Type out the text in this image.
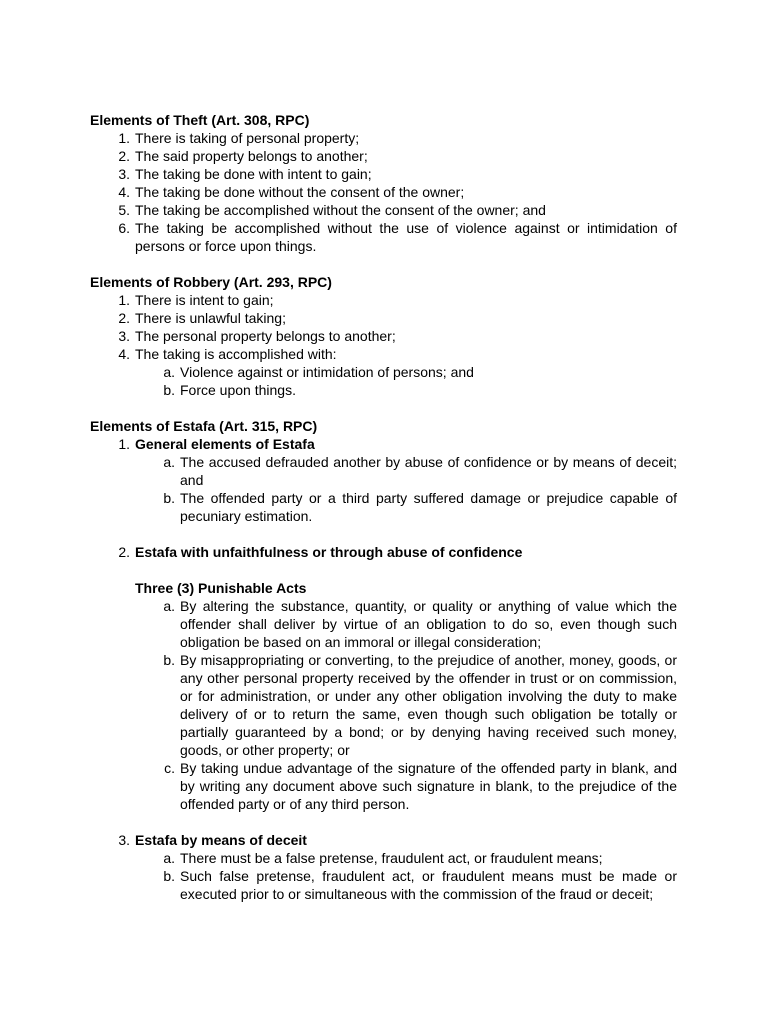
Elements of Theft (Art. 308, RPC)
1. There is taking of personal property;
2. The said property belongs to another;
3. The taking be done with intent to gain;
4. The taking be done without the consent of the owner;
5. The taking be accomplished without the consent of the owner; and
6. The taking be accomplished without the use of violence against or intimidation of persons or force upon things.
Elements of Robbery (Art. 293, RPC)
1. There is intent to gain;
2. There is unlawful taking;
3. The personal property belongs to another;
4. The taking is accomplished with:
a. Violence against or intimidation of persons; and
b. Force upon things.
Elements of Estafa (Art. 315, RPC)
1. General elements of Estafa
a. The accused defrauded another by abuse of confidence or by means of deceit; and
b. The offended party or a third party suffered damage or prejudice capable of pecuniary estimation.
2. Estafa with unfaithfulness or through abuse of confidence
Three (3) Punishable Acts
a. By altering the substance, quantity, or quality or anything of value which the offender shall deliver by virtue of an obligation to do so, even though such obligation be based on an immoral or illegal consideration;
b. By misappropriating or converting, to the prejudice of another, money, goods, or any other personal property received by the offender in trust or on commission, or for administration, or under any other obligation involving the duty to make delivery of or to return the same, even though such obligation be totally or partially guaranteed by a bond; or by denying having received such money, goods, or other property; or
c. By taking undue advantage of the signature of the offended party in blank, and by writing any document above such signature in blank, to the prejudice of the offended party or of any third person.
3. Estafa by means of deceit
a. There must be a false pretense, fraudulent act, or fraudulent means;
b. Such false pretense, fraudulent act, or fraudulent means must be made or executed prior to or simultaneous with the commission of the fraud or deceit;
